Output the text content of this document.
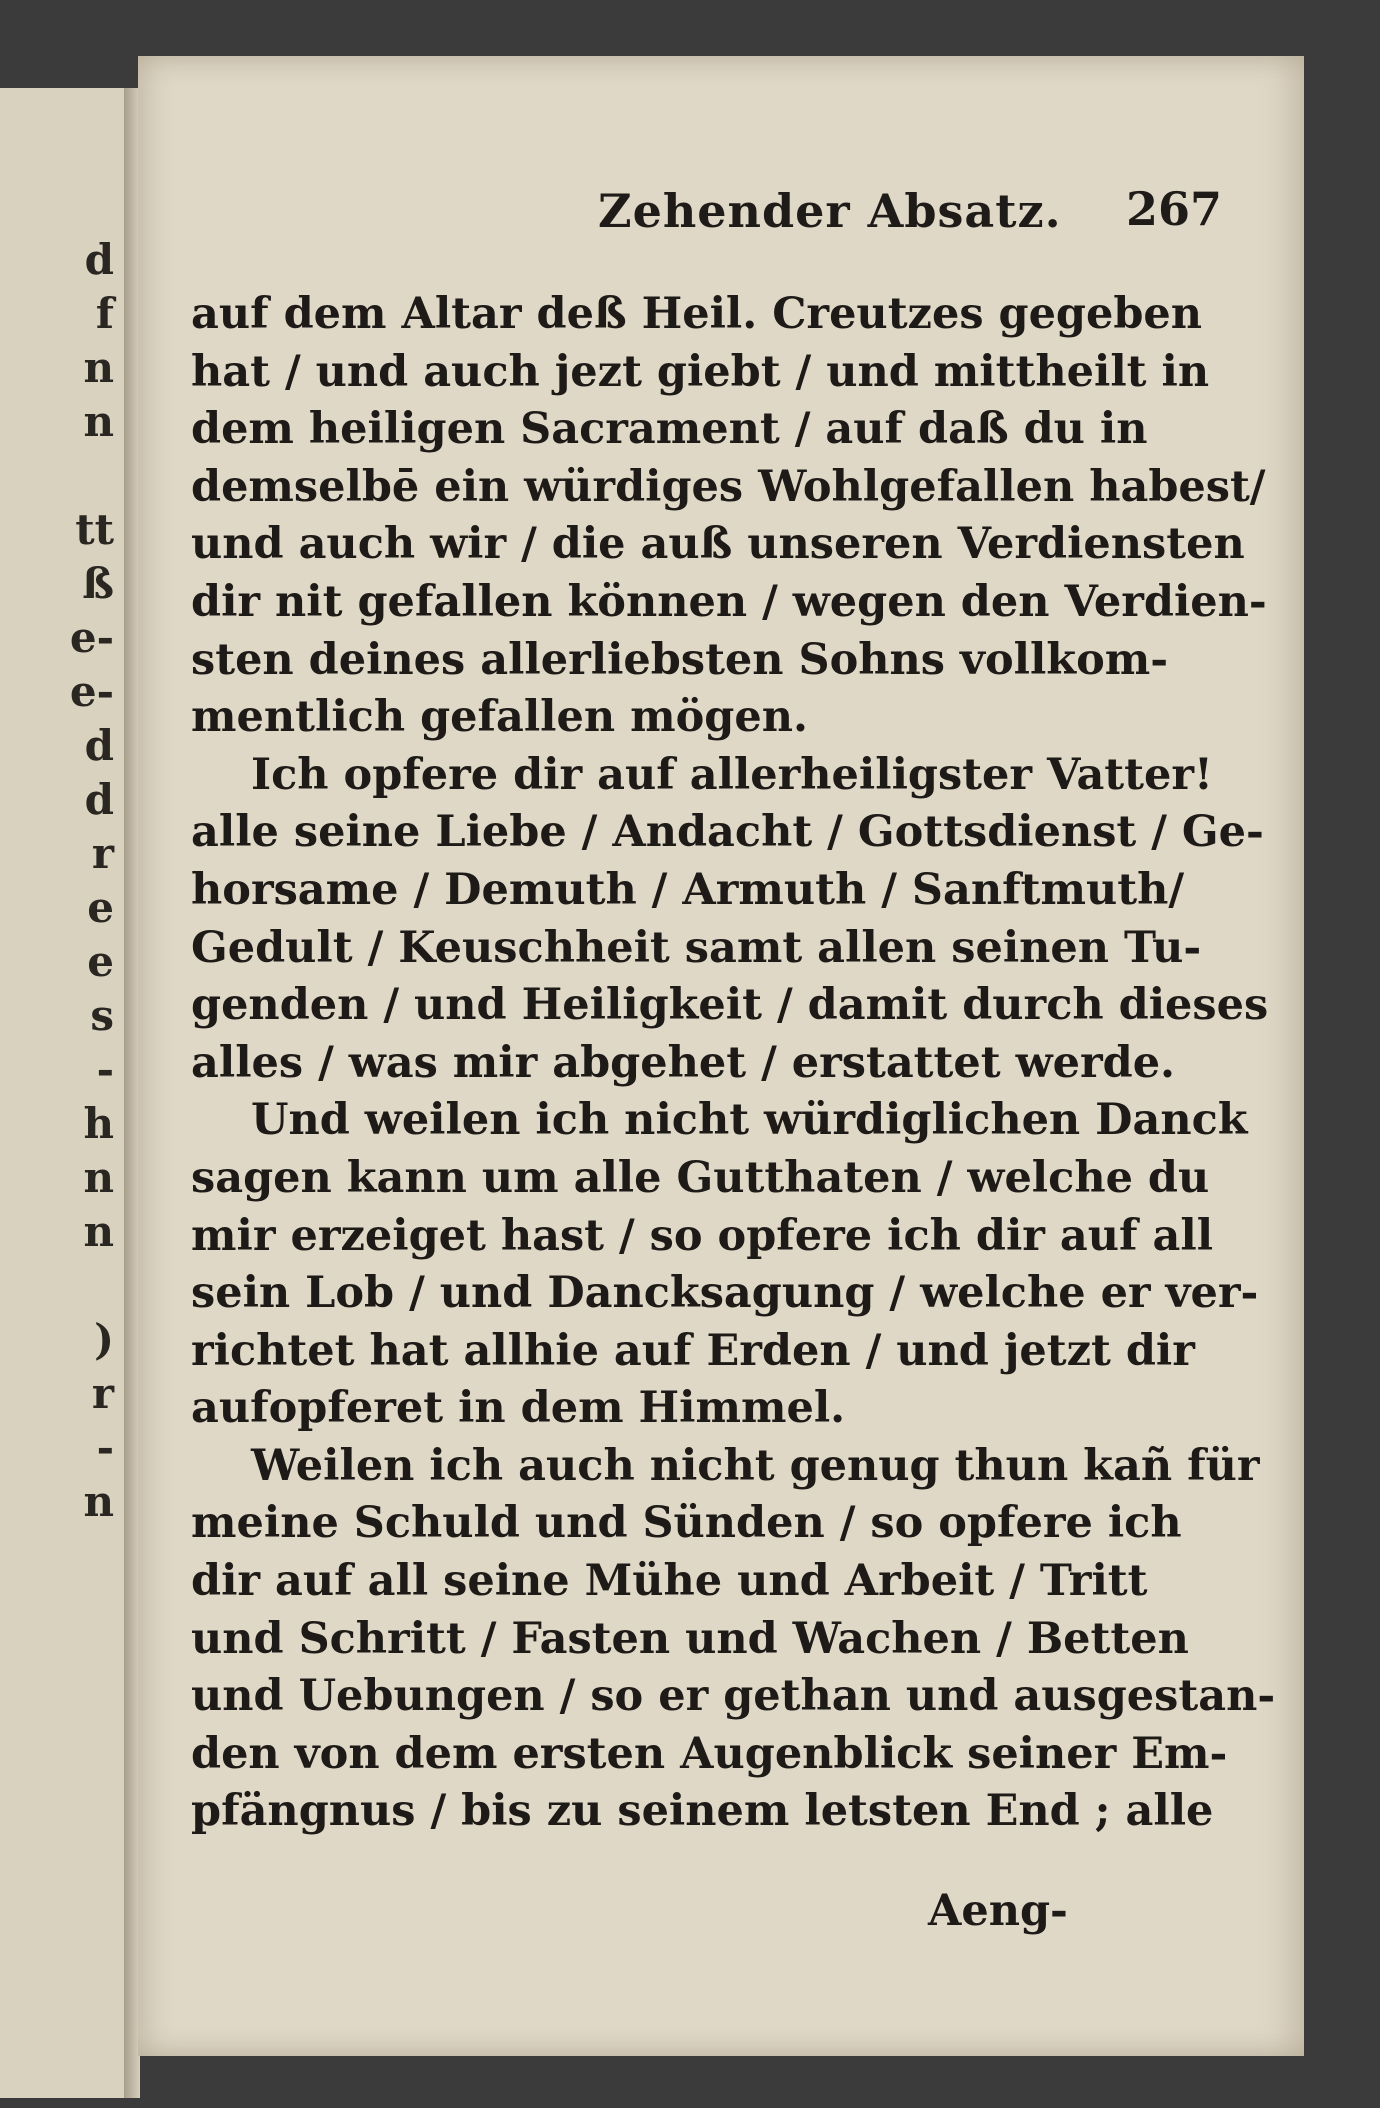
d
f
n
n
tt
ß
e-
e-
d
d
r
e
e
s
-
h
n
n
)
r
-
n
Zehender Absatz. 267
auf dem Altar deß Heil. Creutzes gegeben
hat / und auch jezt giebt / und mittheilt in
dem heiligen Sacrament / auf daß du in
demselbē ein würdiges Wohlgefallen habest/
und auch wir / die auß unseren Verdiensten
dir nit gefallen können / wegen den Verdien-
sten deines allerliebsten Sohns vollkom-
mentlich gefallen mögen.
Ich opfere dir auf allerheiligster Vatter!
alle seine Liebe / Andacht / Gottsdienst / Ge-
horsame / Demuth / Armuth / Sanftmuth/
Gedult / Keuschheit samt allen seinen Tu-
genden / und Heiligkeit / damit durch dieses
alles / was mir abgehet / erstattet werde.
Und weilen ich nicht würdiglichen Danck
sagen kann um alle Gutthaten / welche du
mir erzeiget hast / so opfere ich dir auf all
sein Lob / und Dancksagung / welche er ver-
richtet hat allhie auf Erden / und jetzt dir
aufopferet in dem Himmel.
Weilen ich auch nicht genug thun kañ für
meine Schuld und Sünden / so opfere ich
dir auf all seine Mühe und Arbeit / Tritt
und Schritt / Fasten und Wachen / Betten
und Uebungen / so er gethan und ausgestan-
den von dem ersten Augenblick seiner Em-
pfängnus / bis zu seinem letsten End ; alle
Aeng-
